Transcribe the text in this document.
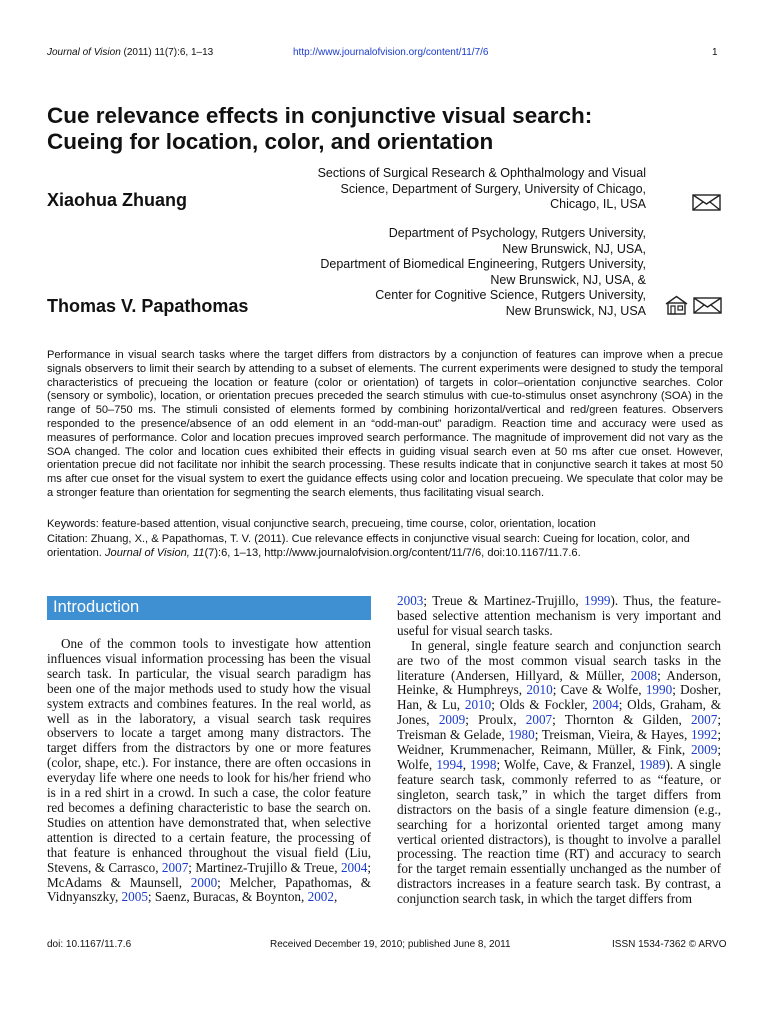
Journal of Vision (2011) 11(7):6, 1–13	http://www.journalofvision.org/content/11/7/6	1
Cue relevance effects in conjunctive visual search:
Cueing for location, color, and orientation
Xiaohua Zhuang
Sections of Surgical Research & Ophthalmology and Visual
Science, Department of Surgery, University of Chicago,
Chicago, IL, USA
Thomas V. Papathomas
Department of Psychology, Rutgers University,
New Brunswick, NJ, USA,
Department of Biomedical Engineering, Rutgers University,
New Brunswick, NJ, USA, &
Center for Cognitive Science, Rutgers University,
New Brunswick, NJ, USA
Performance in visual search tasks where the target differs from distractors by a conjunction of features can improve when a precue signals observers to limit their search by attending to a subset of elements. The current experiments were designed to study the temporal characteristics of precueing the location or feature (color or orientation) of targets in color–orientation conjunctive searches. Color (sensory or symbolic), location, or orientation precues preceded the search stimulus with cue-to-stimulus onset asynchrony (SOA) in the range of 50–750 ms. The stimuli consisted of elements formed by combining horizontal/vertical and red/green features. Observers responded to the presence/absence of an odd element in an “odd-man-out” paradigm. Reaction time and accuracy were used as measures of performance. Color and location precues improved search performance. The magnitude of improvement did not vary as the SOA changed. The color and location cues exhibited their effects in guiding visual search even at 50 ms after cue onset. However, orientation precue did not facilitate nor inhibit the search processing. These results indicate that in conjunctive search it takes at most 50 ms after cue onset for the visual system to exert the guidance effects using color and location precueing. We speculate that color may be a stronger feature than orientation for segmenting the search elements, thus facilitating visual search.
Keywords: feature-based attention, visual conjunctive search, precueing, time course, color, orientation, location
Citation: Zhuang, X., & Papathomas, T. V. (2011). Cue relevance effects in conjunctive visual search: Cueing for location, color, and orientation. Journal of Vision, 11(7):6, 1–13, http://www.journalofvision.org/content/11/7/6, doi:10.1167/11.7.6.
Introduction

One of the common tools to investigate how attention influences visual information processing has been the visual search task. In particular, the visual search paradigm has been one of the major methods used to study how the visual system extracts and combines features. In the real world, as well as in the laboratory, a visual search task requires observers to locate a target among many distractors. The target differs from the distractors by one or more features (color, shape, etc.). For instance, there are often occasions in everyday life where one needs to look for his/her friend who is in a red shirt in a crowd. In such a case, the color feature red becomes a defining characteristic to base the search on. Studies on attention have demonstrated that, when selective attention is directed to a certain feature, the processing of that feature is enhanced throughout the visual field (Liu, Stevens, & Carrasco, 2007; Martinez-Trujillo & Treue, 2004; McAdams & Maunsell, 2000; Melcher, Papathomas, & Vidnyanszky, 2005; Saenz, Buracas, & Boynton, 2002,

2003; Treue & Martinez-Trujillo, 1999). Thus, the feature-based selective attention mechanism is very important and useful for visual search tasks.

In general, single feature search and conjunction search are two of the most common visual search tasks in the literature (Andersen, Hillyard, & Müller, 2008; Anderson, Heinke, & Humphreys, 2010; Cave & Wolfe, 1990; Dosher, Han, & Lu, 2010; Olds & Fockler, 2004; Olds, Graham, & Jones, 2009; Proulx, 2007; Thornton & Gilden, 2007; Treisman & Gelade, 1980; Treisman, Vieira, & Hayes, 1992; Weidner, Krummenacher, Reimann, Müller, & Fink, 2009; Wolfe, 1994, 1998; Wolfe, Cave, & Franzel, 1989). A single feature search task, commonly referred to as “feature, or singleton, search task,” in which the target differs from distractors on the basis of a single feature dimension (e.g., searching for a horizontal oriented target among many vertical oriented distractors), is thought to involve a parallel processing. The reaction time (RT) and accuracy to search for the target remain essentially unchanged as the number of distractors increases in a feature search task. By contrast, a conjunction search task, in which the target differs from

doi: 10.1167/11.7.6	Received December 19, 2010; published June 8, 2011	ISSN 1534-7362 © ARVO
